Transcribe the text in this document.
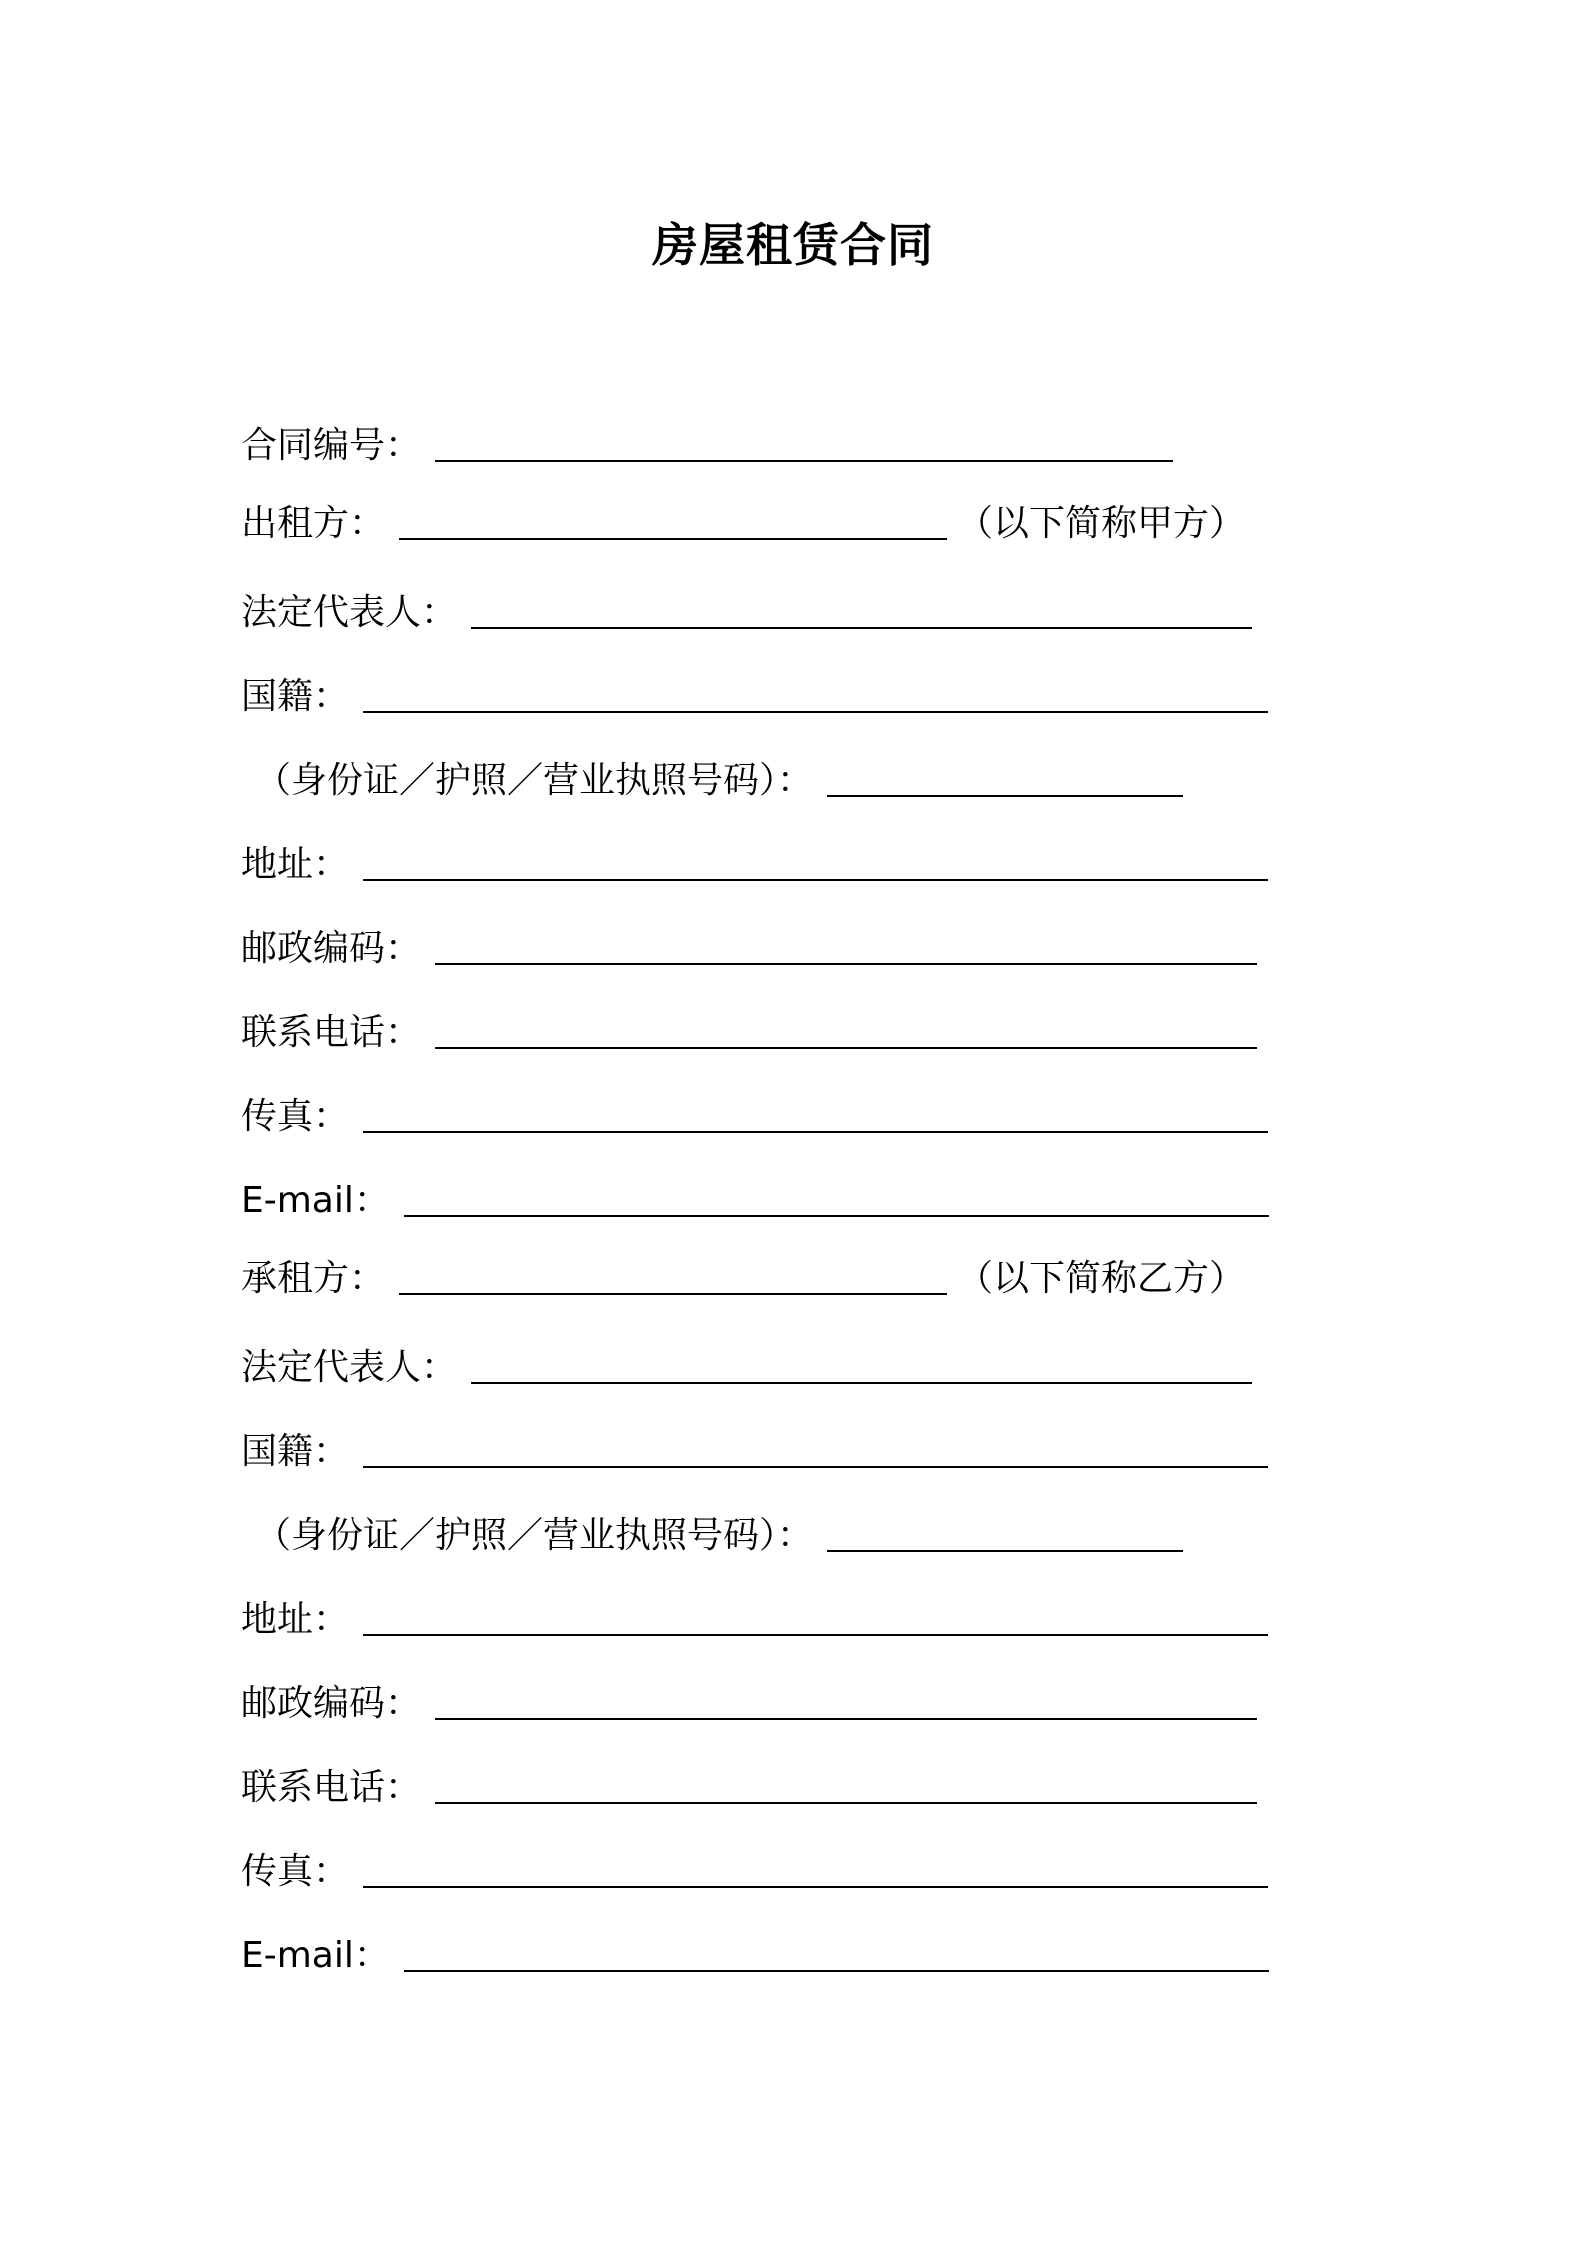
房屋租赁合同
合同编号：
出租方：	（以下简称甲方）
法定代表人：
国籍：
（身份证／护照／营业执照号码）：
地址：
邮政编码：
联系电话：
传真：
E-mail：
承租方：	（以下简称乙方）
法定代表人：
国籍：
（身份证／护照／营业执照号码）：
地址：
邮政编码：
联系电话：
传真：
E-mail：
